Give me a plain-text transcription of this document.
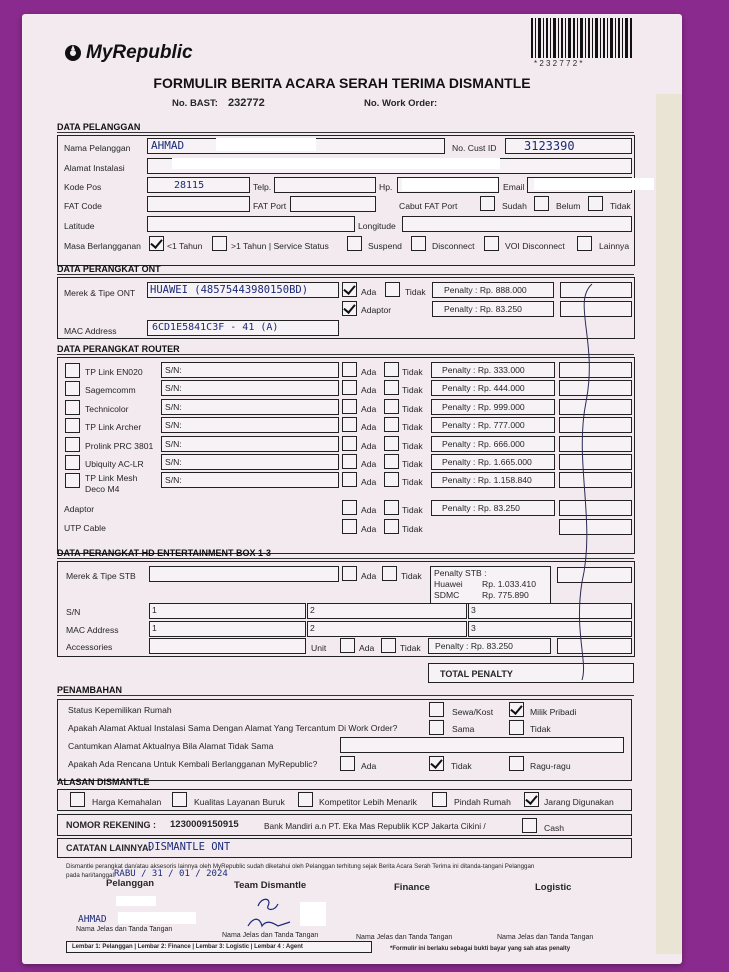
MyRepublic
* 2 3 2 7 7 2 *
FORMULIR BERITA ACARA SERAH TERIMA DISMANTLE
No. BAST: 232772	No. Work Order:
DATA PELANGGAN
Nama Pelanggan AHMAD	No. Cust ID 3123390
Alamat Instalasi
Kode Pos	28115	Telp.	Hp.	Email
FAT Code	FAT Port	Cabut FAT Port	Sudah	Belum	Tidak
Latitude	Longitude
Masa Berlangganan	<1 Tahun	>1 Tahun | Service Status	Suspend	Disconnect	VOI Disconnect	Lainnya
DATA PERANGKAT ONT
Merek & Tipe ONT HUAWEI (48575443980150BD)	Ada	Tidak Penalty : Rp. 888.000
Adaptor	Penalty : Rp. 83.250
MAC Address	6CD1E5841C3F - 41 (A)
DATA PERANGKAT ROUTER
TP Link EN020	S/N:	Ada	Tidak Penalty : Rp. 333.000
Sagemcomm	S/N:	Ada	Tidak Penalty : Rp. 444.000
Technicolor	S/N:	Ada	Tidak Penalty : Rp. 999.000
TP Link Archer	S/N:	Ada	Tidak Penalty : Rp. 777.000
Prolink PRC 3801 S/N:	Ada	Tidak Penalty : Rp. 666.000
Ubiquity AC-LR S/N:	Ada	Tidak Penalty : Rp. 1.665.000
TP Link Mesh
Deco M4
S/N:	Ada	Tidak Penalty : Rp. 1.158.840
Adaptor	Ada	Tidak Penalty : Rp. 83.250
UTP Cable	Ada	Tidak
DATA PERANGKAT HD ENTERTAINMENT BOX 1-3
Merek & Tipe STB	Ada	Tidak Penalty STB :
Huawei Rp. 1.033.410
SDMC	Rp. 775.890
S/N	1	2	3
MAC Address	1	2	3
Accessories	Unit	Ada	Tidak Penalty : Rp. 83.250
TOTAL PENALTY
PENAMBAHAN
Status Kepemilikan Rumah	Sewa/Kost	Milik Pribadi
Apakah Alamat Aktual Instalasi Sama Dengan Alamat Yang Tercantum Di Work Order?	Sama	Tidak
Cantumkan Alamat Aktualnya Bila Alamat Tidak Sama
Apakah Ada Rencana Untuk Kembali Berlangganan MyRepublic?	Ada	Tidak	Ragu-ragu
ALASAN DISMANTLE
Harga Kemahalan	Kualitas Layanan Buruk	Kompetitor Lebih Menarik	Pindah Rumah	Jarang Digunakan
NOMOR REKENING : 1230009150915	Bank Mandiri a.n PT. Eka Mas Republik KCP Jakarta Cikini /	Cash
CATATAN LAINNYA:
DISMANTLE ONT
Dismantle perangkat dan/atau aksesoris lainnya oleh MyRepublic sudah diketahui oleh Pelanggan terhitung sejak Berita Acara Serah Terima ini ditanda-tangani Pelanggan
pada hari/tanggal:
RABU / 31 / 01 / 2024
Pelanggan	Team Dismantle	Finance	Logistic
AHMAD
Nama Jelas dan Tanda Tangan
Nama Jelas dan Tanda Tangan	Nama Jelas dan Tanda Tangan	Nama Jelas dan Tanda Tangan
Lembar 1: Pelanggan | Lembar 2: Finance | Lembar 3: Logistic | Lembar 4 : Agent	*Formulir ini berlaku sebagai bukti bayar yang sah atas penalty
